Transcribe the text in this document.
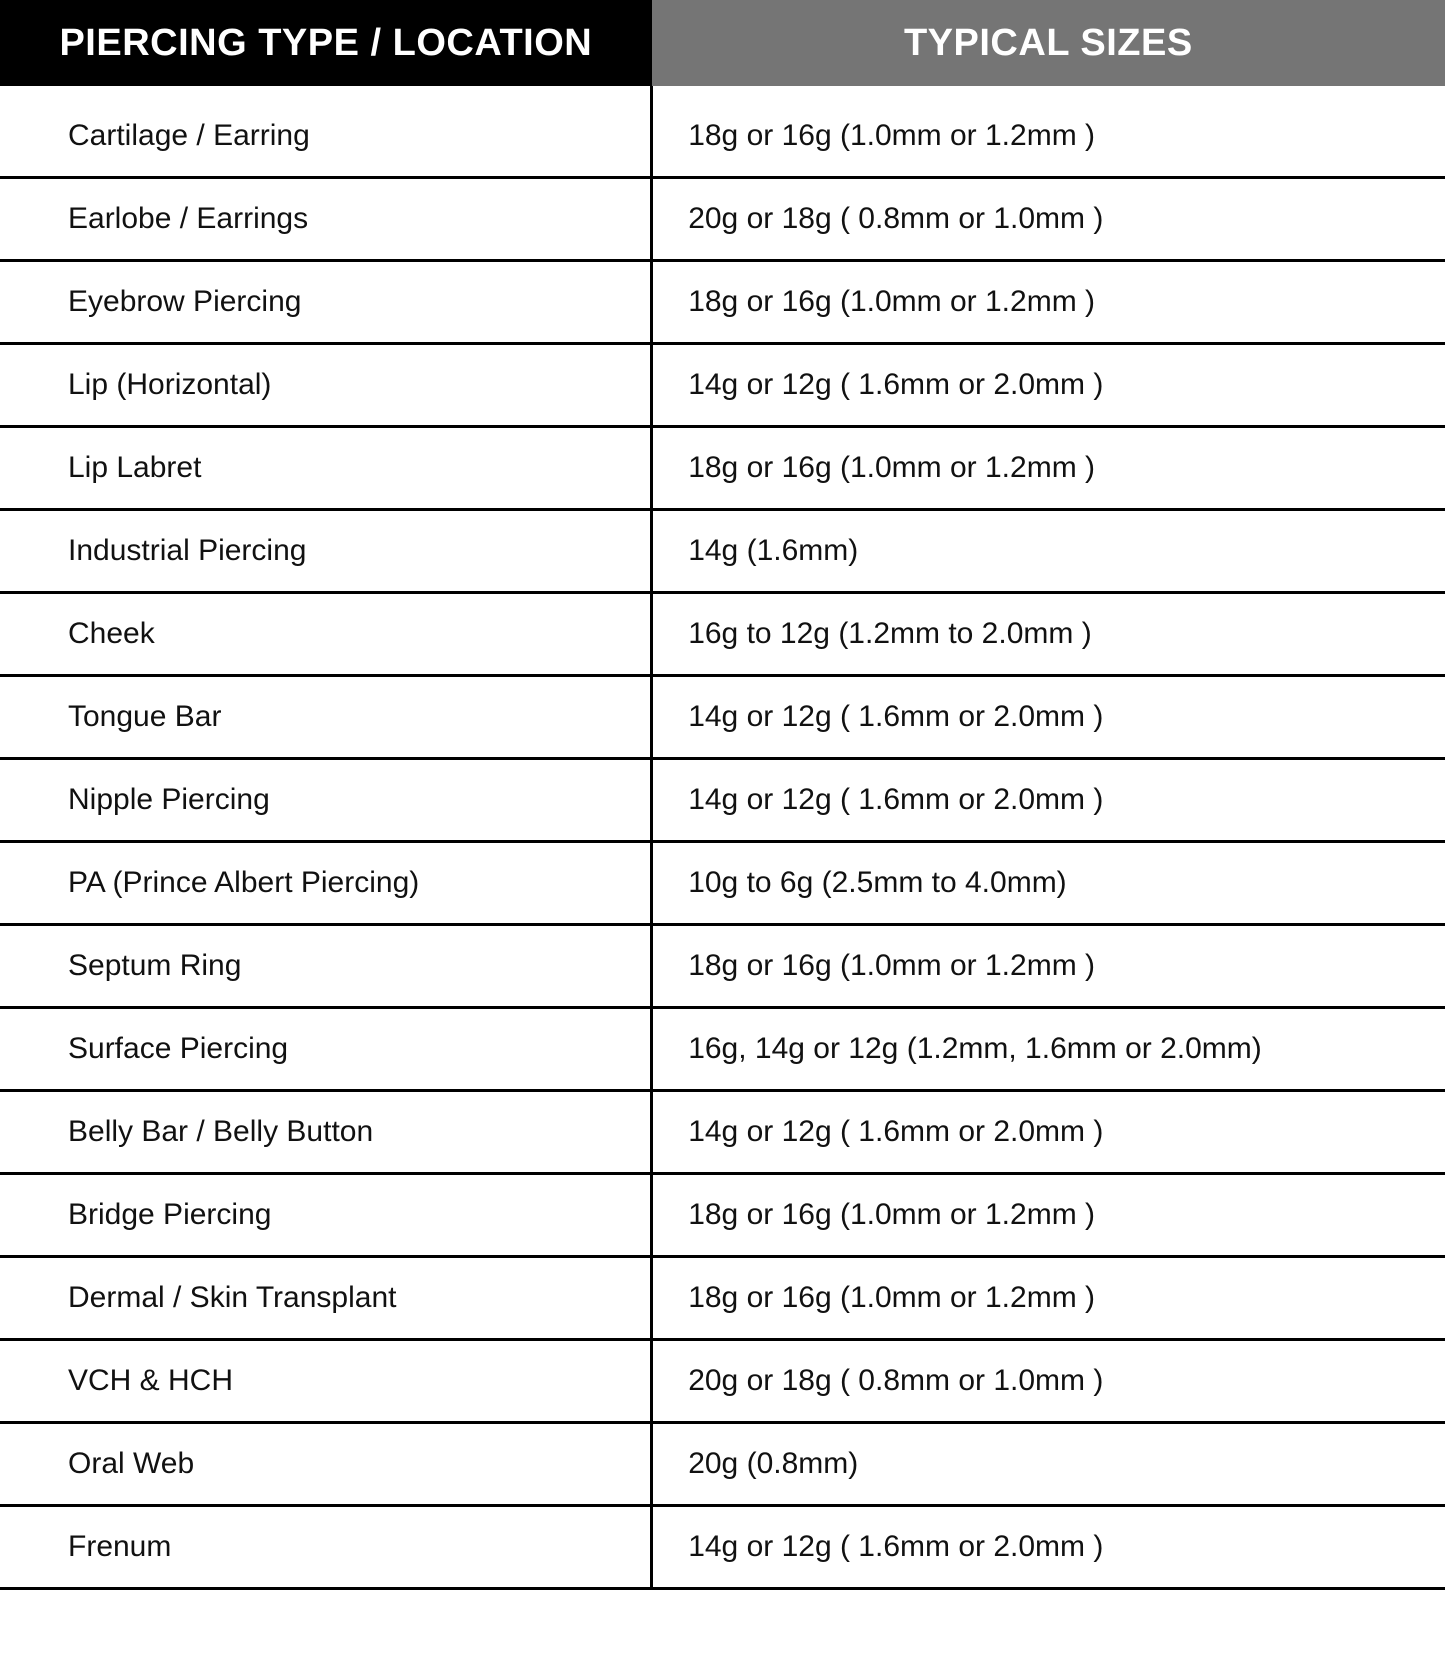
PIERCING TYPE / LOCATION	TYPICAL SIZES

Cartilage / Earring	18g or 16g (1.0mm or 1.2mm )

Earlobe / Earrings	20g or 18g ( 0.8mm or 1.0mm )

Eyebrow Piercing	18g or 16g (1.0mm or 1.2mm )

Lip (Horizontal)	14g or 12g ( 1.6mm or 2.0mm )

Lip Labret	18g or 16g (1.0mm or 1.2mm )

Industrial Piercing	14g (1.6mm)

Cheek	16g to 12g (1.2mm to 2.0mm )

Tongue Bar	14g or 12g ( 1.6mm or 2.0mm )

Nipple Piercing	14g or 12g ( 1.6mm or 2.0mm )

PA (Prince Albert Piercing)	10g to 6g (2.5mm to 4.0mm)

Septum Ring	18g or 16g (1.0mm or 1.2mm )

Surface Piercing	16g, 14g or 12g (1.2mm, 1.6mm or 2.0mm)

Belly Bar / Belly Button	14g or 12g ( 1.6mm or 2.0mm )

Bridge Piercing	18g or 16g (1.0mm or 1.2mm )

Dermal / Skin Transplant	18g or 16g (1.0mm or 1.2mm )

VCH & HCH	20g or 18g ( 0.8mm or 1.0mm )

Oral Web	20g (0.8mm)

Frenum	14g or 12g ( 1.6mm or 2.0mm )
